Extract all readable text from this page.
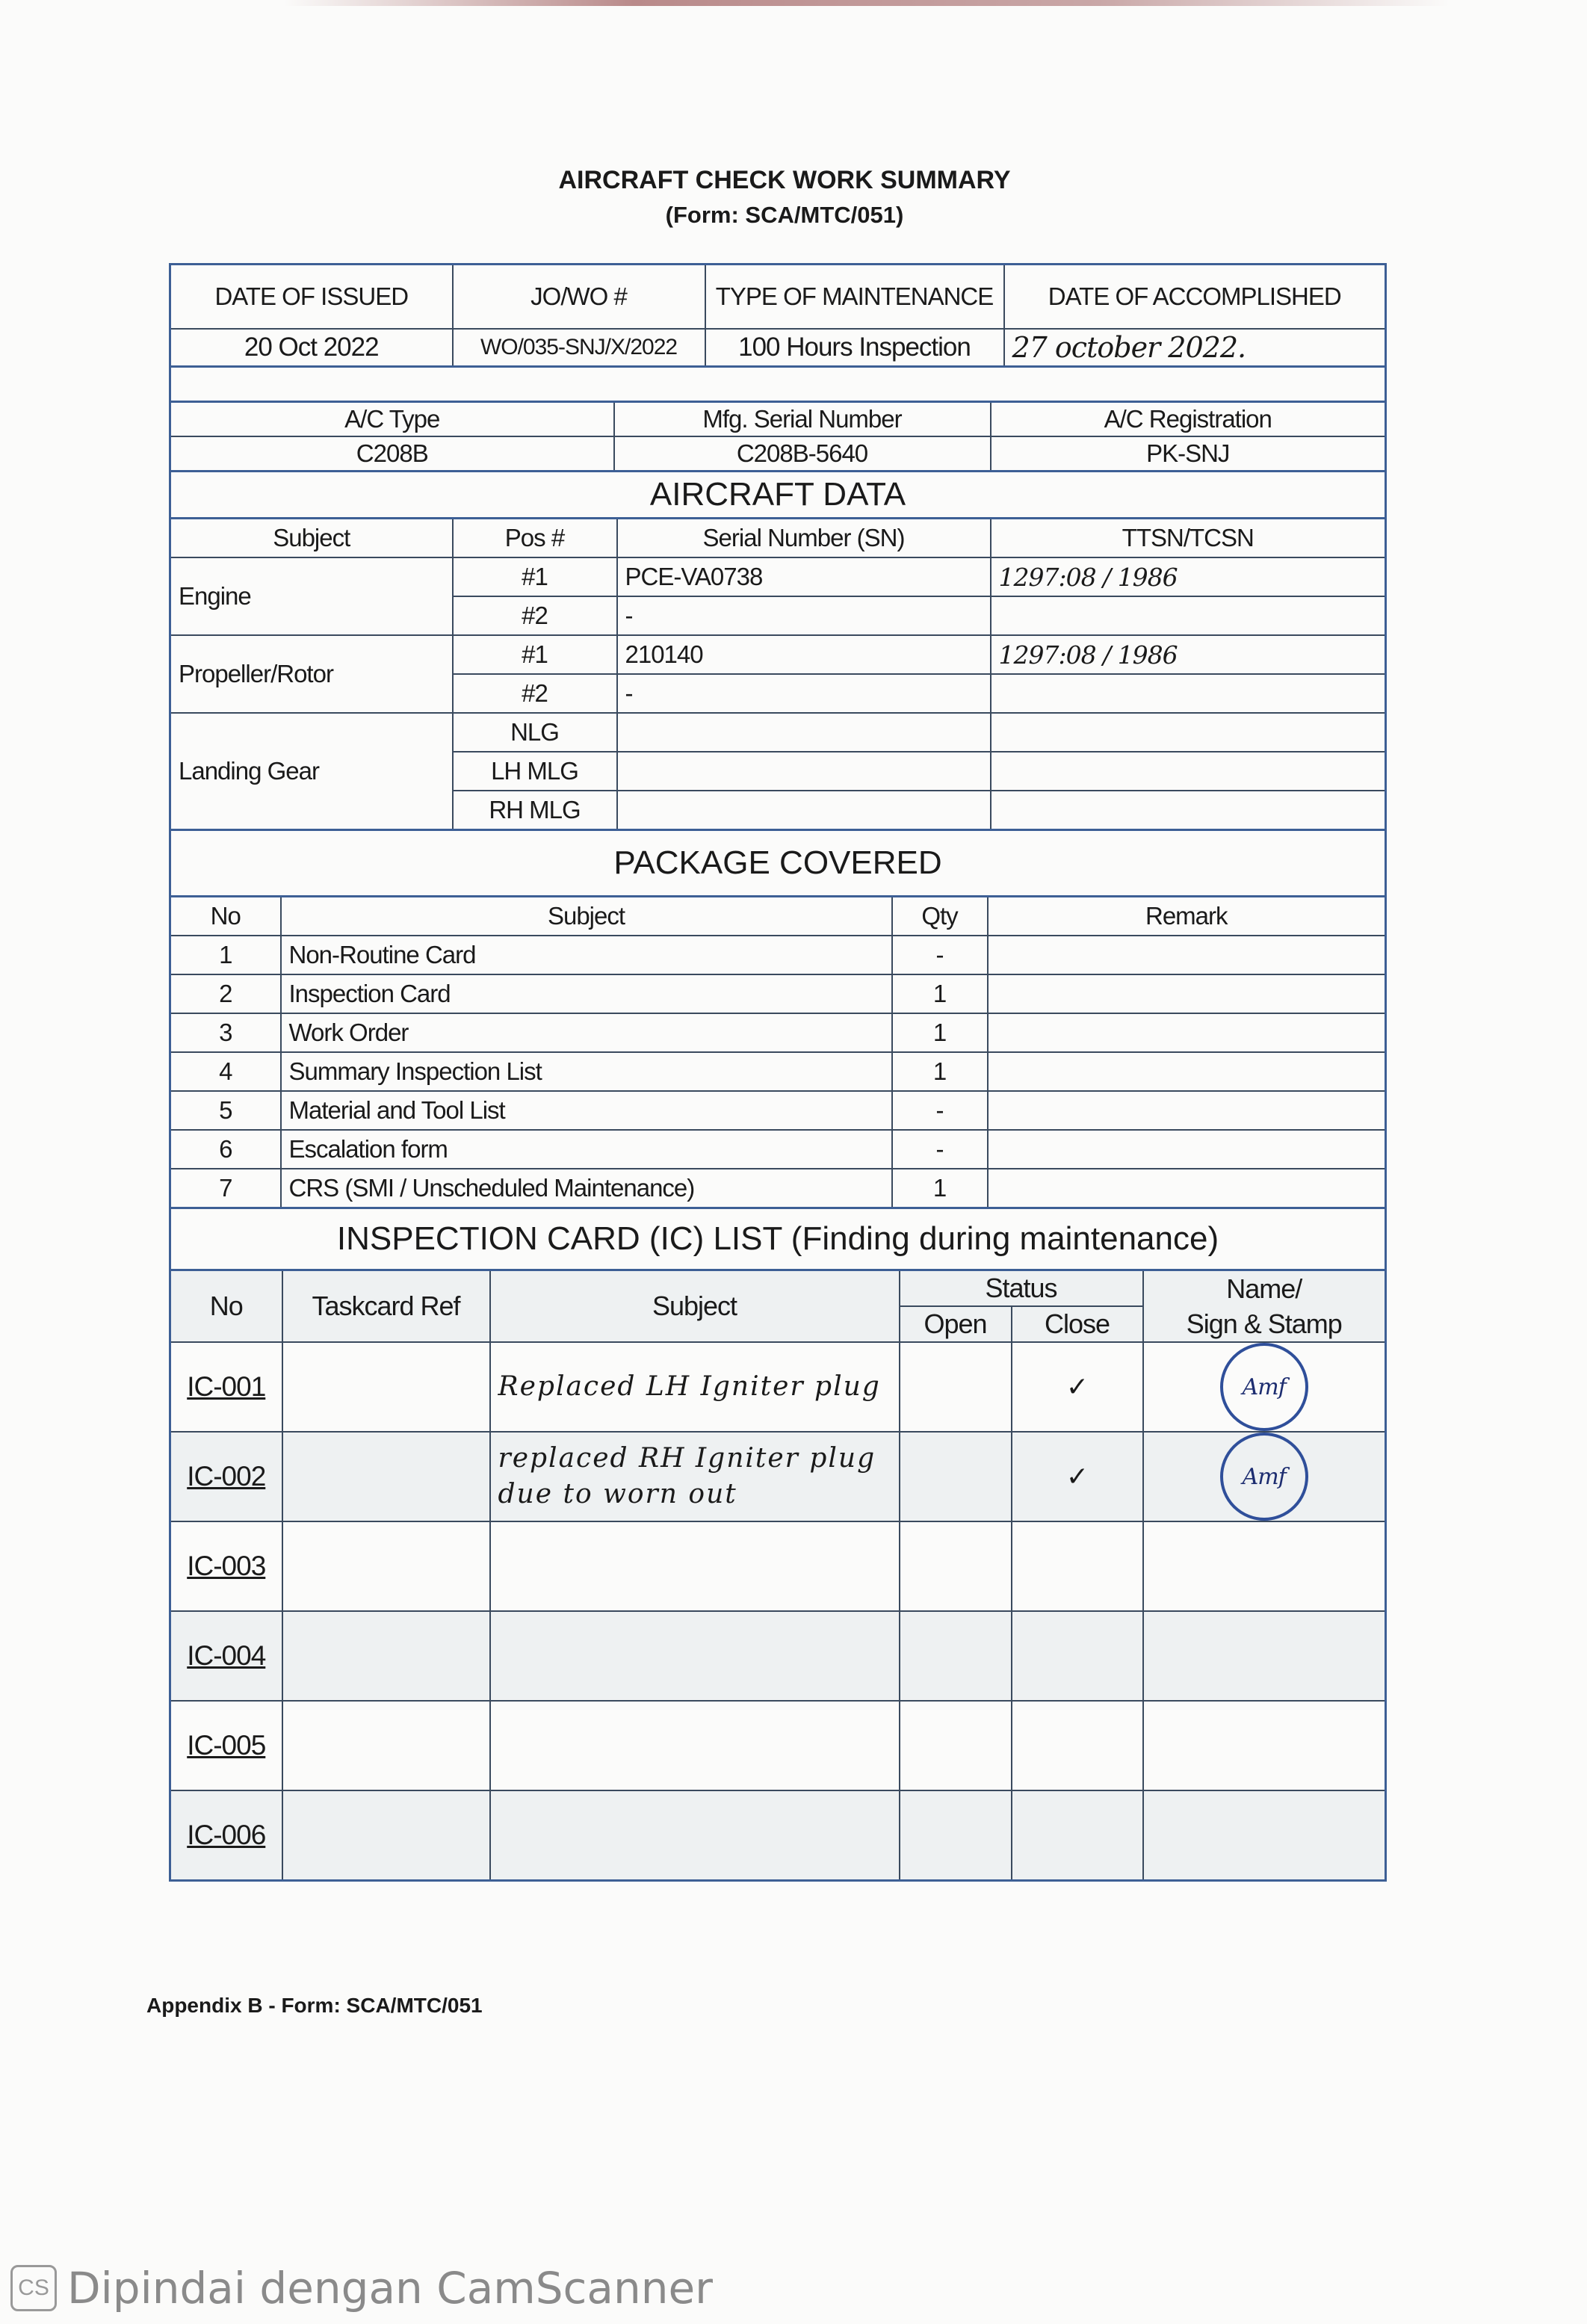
AIRCRAFT CHECK WORK SUMMARY
(Form: SCA/MTC/051)
DATE OF ISSUED	JO/WO #	TYPE OF MAINTENANCE	DATE OF ACCOMPLISHED
20 Oct 2022	WO/035-SNJ/X/2022	100 Hours Inspection	27 october 2022.
A/C Type	Mfg. Serial Number	A/C Registration
C208B	C208B-5640	PK-SNJ
AIRCRAFT DATA
Subject	Pos #	Serial Number (SN)	TTSN/TCSN
Engine	#1	PCE-VA0738	1297:08 / 1986
	#2	-	
Propeller/Rotor	#1	210140	1297:08 / 1986
	#2	-	
Landing Gear	NLG		
	LH MLG		
	RH MLG		
PACKAGE COVERED
No	Subject	Qty	Remark
1	Non-Routine Card	-	
2	Inspection Card	1	
3	Work Order	1	
4	Summary Inspection List	1	
5	Material and Tool List	-	
6	Escalation form	-	
7	CRS (SMI / Unscheduled Maintenance)	1	
INSPECTION CARD (IC) LIST (Finding during maintenance)
No	Taskcard Ref	Subject	Status		Name/
			Open	Close	Sign & Stamp
IC-001		Replaced LH Igniter plug		✓	Amf

IC-002		replaced RH Igniter plug due to worn out		✓	Amf

IC-003					
IC-004					
IC-005					
IC-006					
Appendix B - Form: SCA/MTC/051
CS Dipindai dengan CamScanner
